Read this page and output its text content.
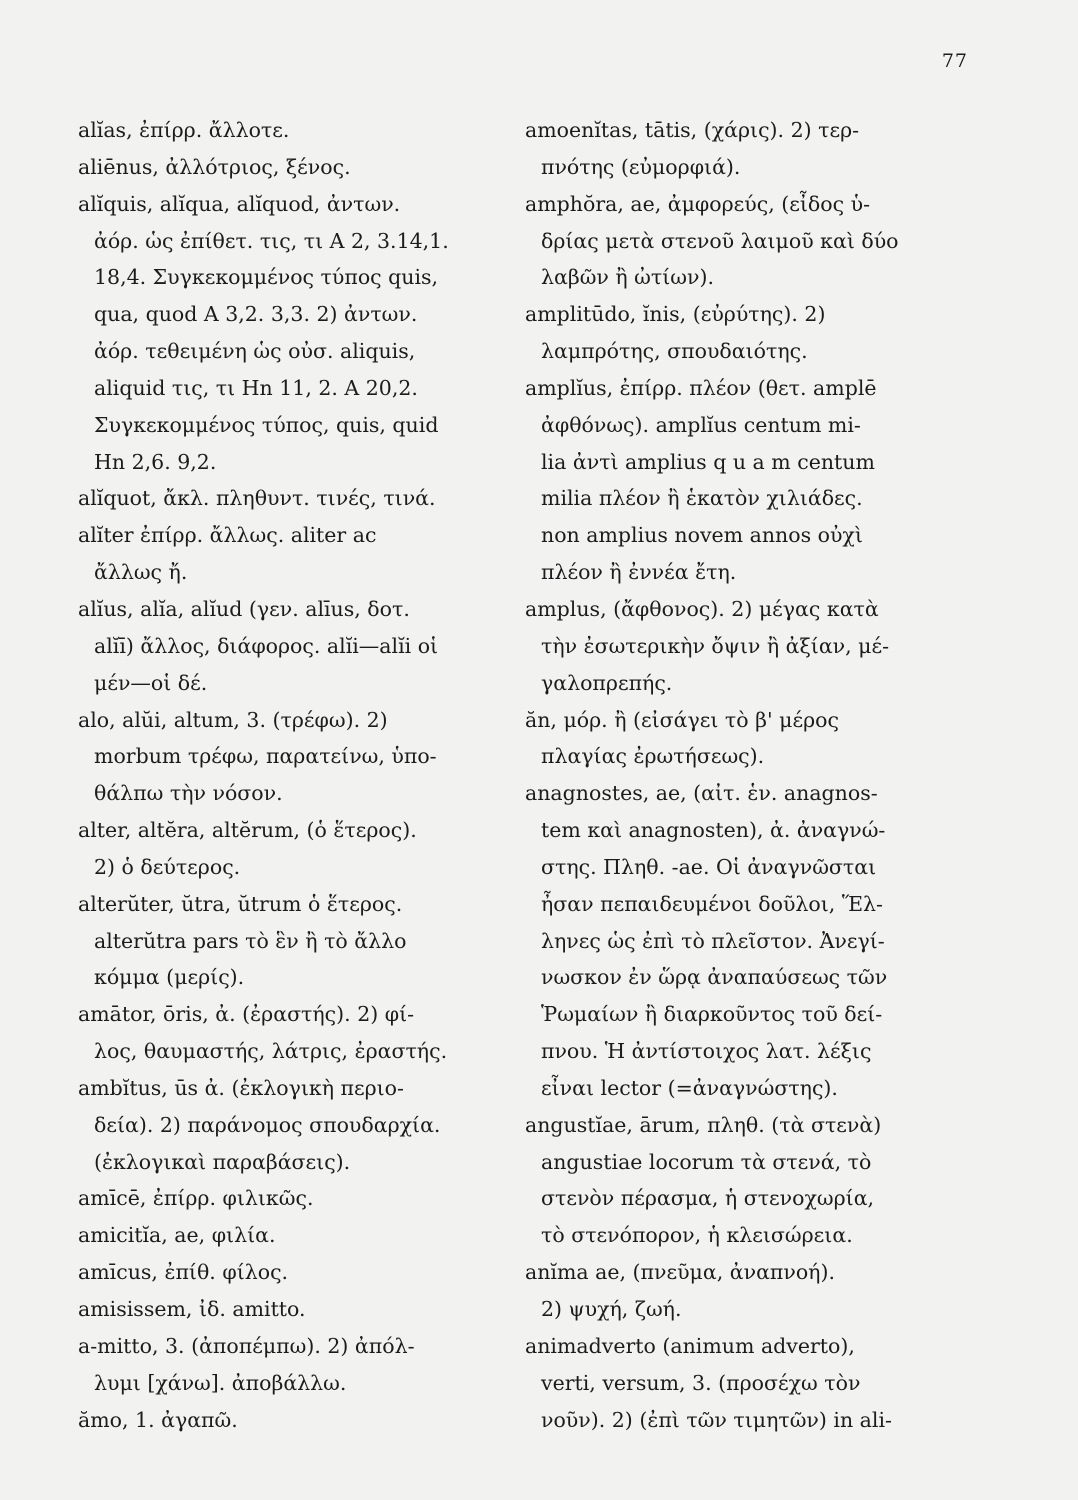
77
alĭas, ἐπίρρ. ἄλλοτε.
aliēnus, ἀλλότριος, ξένος.
alĭquis, alĭqua, alĭquod, ἀντων.
ἀόρ. ὡς ἐπίθετ. τις, τι A 2, 3.14,1.
18,4. Συγκεκομμένος τύπος quis,
qua, quod A 3,2. 3,3. 2) ἀντων.
ἀόρ. τεθειμένη ὡς οὐσ. aliquis,
aliquid τις, τι Hn 11, 2. A 20,2.
Συγκεκομμένος τύπος, quis, quid
Hn 2,6. 9,2.
alĭquot, ἄκλ. πληθυντ. τινές, τινά.
alĭter ἐπίρρ. ἄλλως. aliter ac
ἄλλως ἤ.
alĭus, alĭa, alĭud (γεν. alīus, δοτ.
alĭī) ἄλλος, διάφορος. alĭi—alĭi οἱ
μέν—οἱ δέ.
alo, alŭi, altum, 3. (τρέφω). 2)
morbum τρέφω, παρατείνω, ὑπο-
θάλπω τὴν νόσον.
alter, altĕra, altĕrum, (ὁ ἕτερος).
2) ὁ δεύτερος.
alterŭter, ŭtra, ŭtrum ὁ ἕτερος.
alterŭtra pars τὸ ἓν ἢ τὸ ἄλλο
κόμμα (μερίς).
amātor, ōris, ἀ. (ἐραστής). 2) φί-
λος, θαυμαστής, λάτρις, ἐραστής.
ambĭtus, ūs ἀ. (ἐκλογικὴ περιο-
δεία). 2) παράνομος σπουδαρχία.
(ἐκλογικαὶ παραβάσεις).
amīcē, ἐπίρρ. φιλικῶς.
amicitĭa, ae, φιλία.
amīcus, ἐπίθ. φίλος.
amisissem, ἰδ. amitto.
a-mitto, 3. (ἀποπέμπω). 2) ἀπόλ-
λυμι [χάνω]. ἀποβάλλω.
ămo, 1. ἀγαπῶ.
amoenĭtas, tātis, (χάρις). 2) τερ-
πνότης (εὐμορφιά).
amphŏra, ae, ἀμφορεύς, (εἶδος ὑ-
δρίας μετὰ στενοῦ λαιμοῦ καὶ δύο
λαβῶν ἢ ὠτίων).
amplitūdo, ĭnis, (εὐρύτης). 2)
λαμπρότης, σπουδαιότης.
amplĭus, ἐπίρρ. πλέον (θετ. amplē
ἀφθόνως). amplĭus centum mi-
lia ἀντὶ amplius q u a m centum
milia πλέον ἢ ἑκατὸν χιλιάδες.
non amplius novem annos οὐχὶ
πλέον ἢ ἐννέα ἔτη.
amplus, (ἄφθονος). 2) μέγας κατὰ
τὴν ἐσωτερικὴν ὄψιν ἢ ἀξίαν, μέ-
γαλοπρεπής.
ăn, μόρ. ἢ (εἰσάγει τὸ β' μέρος
πλαγίας ἐρωτήσεως).
anagnostes, ae, (αἰτ. ἑν. anagnos-
tem καὶ anagnosten), ἀ. ἀναγνώ-
στης. Πληθ. -ae. Οἱ ἀναγνῶσται
ἦσαν πεπαιδευμένοι δοῦλοι, Ἕλ-
ληνες ὡς ἐπὶ τὸ πλεῖστον. Ἀνεγί-
νωσκον ἐν ὥρᾳ ἀναπαύσεως τῶν
Ῥωμαίων ἢ διαρκοῦντος τοῦ δεί-
πνου. Ἡ ἀντίστοιχος λατ. λέξις
εἶναι lector (=ἀναγνώστης).
angustĭae, ārum, πληθ. (τὰ στενὰ)
angustiae locorum τὰ στενά, τὸ
στενὸν πέρασμα, ἡ στενοχωρία,
τὸ στενόπορον, ἡ κλεισώρεια.
anĭma ae, (πνεῦμα, ἀναπνοή).
2) ψυχή, ζωή.
animadverto (animum adverto),
verti, versum, 3. (προσέχω τὸν
νοῦν). 2) (ἐπὶ τῶν τιμητῶν) in ali-
